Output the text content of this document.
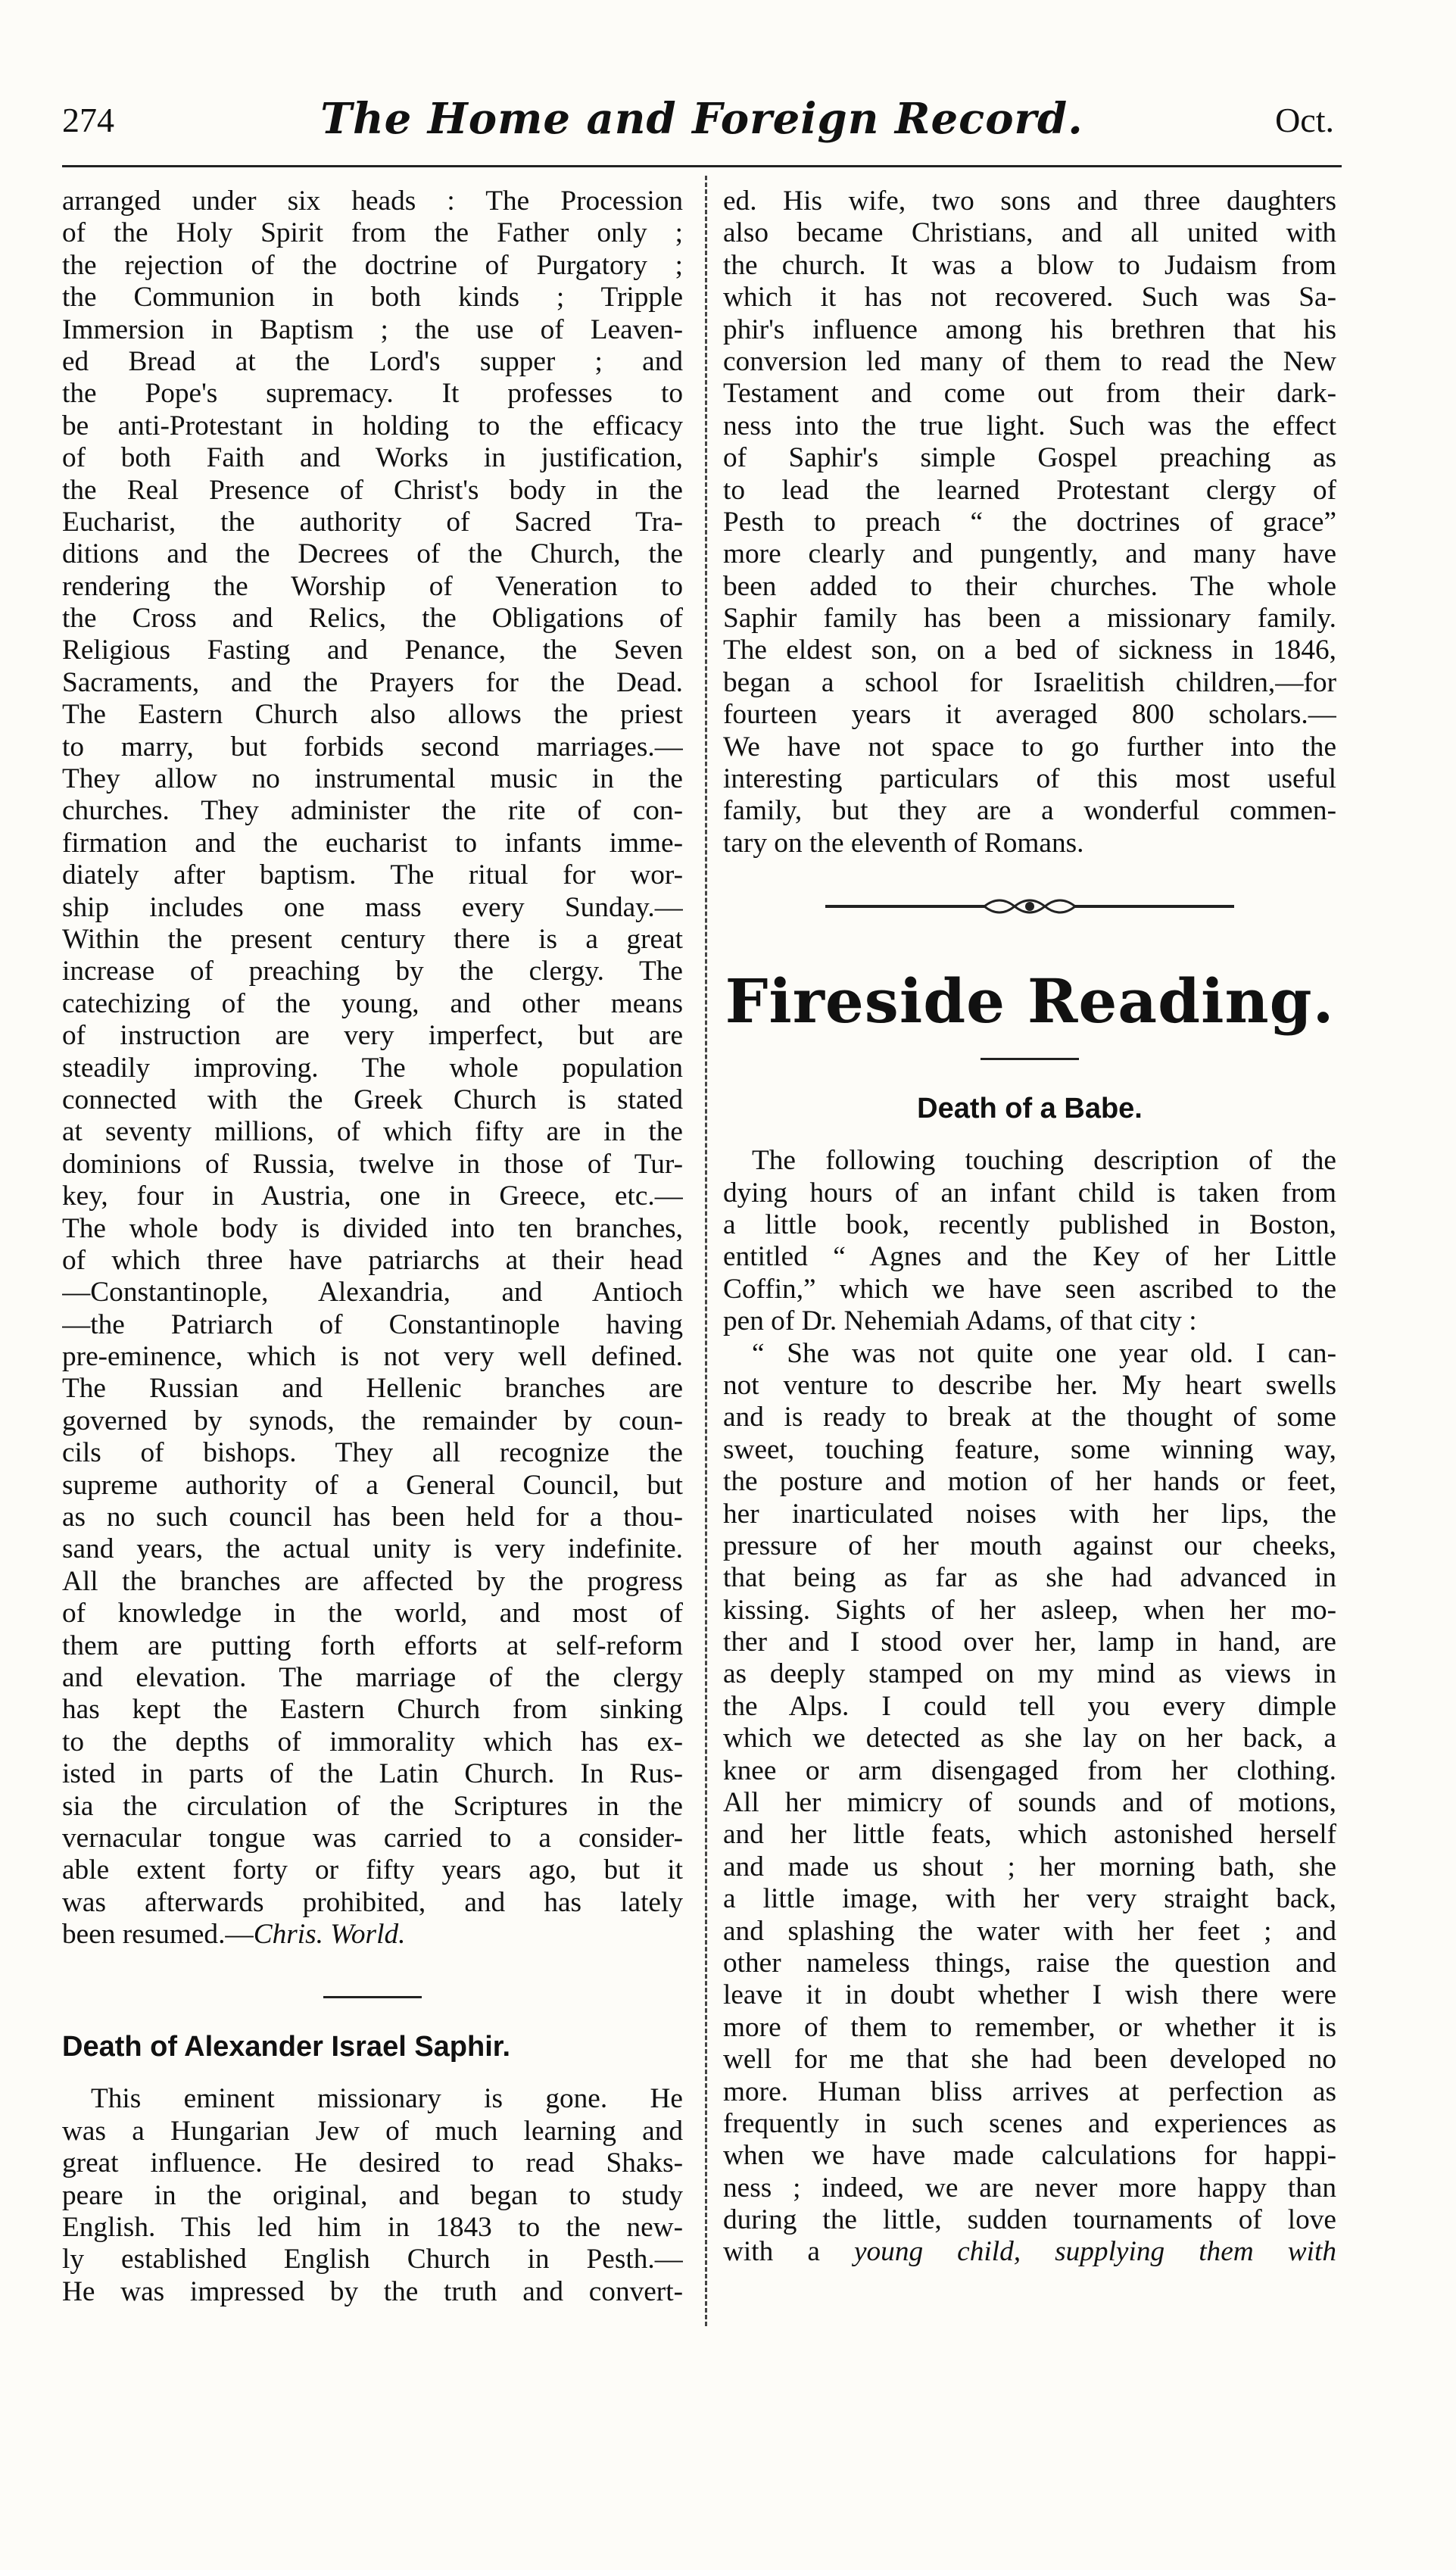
274	The Home and Foreign Record.	Oct.
arranged under six heads : The Procession
of the Holy Spirit from the Father only ;
the rejection of the doctrine of Purgatory ;
the Communion in both kinds ; Tripple
Immersion in Baptism ; the use of Leaven-
ed Bread at the Lord's supper ; and
the Pope's supremacy. It professes to
be anti-Protestant in holding to the efficacy
of both Faith and Works in justification,
the Real Presence of Christ's body in the
Eucharist, the authority of Sacred Tra-
ditions and the Decrees of the Church, the
rendering the Worship of Veneration to
the Cross and Relics, the Obligations of
Religious Fasting and Penance, the Seven
Sacraments, and the Prayers for the Dead.
The Eastern Church also allows the priest
to marry, but forbids second marriages.—
They allow no instrumental music in the
churches. They administer the rite of con-
firmation and the eucharist to infants imme-
diately after baptism. The ritual for wor-
ship includes one mass every Sunday.—
Within the present century there is a great
increase of preaching by the clergy. The
catechizing of the young, and other means
of instruction are very imperfect, but are
steadily improving. The whole population
connected with the Greek Church is stated
at seventy millions, of which fifty are in the
dominions of Russia, twelve in those of Tur-
key, four in Austria, one in Greece, etc.—
The whole body is divided into ten branches,
of which three have patriarchs at their head
—Constantinople, Alexandria, and Antioch
—the Patriarch of Constantinople having
pre-eminence, which is not very well defined.
The Russian and Hellenic branches are
governed by synods, the remainder by coun-
cils of bishops. They all recognize the
supreme authority of a General Council, but
as no such council has been held for a thou-
sand years, the actual unity is very indefinite.
All the branches are affected by the progress
of knowledge in the world, and most of
them are putting forth efforts at self-reform
and elevation. The marriage of the clergy
has kept the Eastern Church from sinking
to the depths of immorality which has ex-
isted in parts of the Latin Church. In Rus-
sia the circulation of the Scriptures in the
vernacular tongue was carried to a consider-
able extent forty or fifty years ago, but it
was afterwards prohibited, and has lately
been resumed.—Chris. World.
Death of Alexander Israel Saphir.
This eminent missionary is gone. He
was a Hungarian Jew of much learning and
great influence. He desired to read Shaks-
peare in the original, and began to study
English. This led him in 1843 to the new-
ly established English Church in Pesth.—
He was impressed by the truth and convert-
ed. His wife, two sons and three daughters
also became Christians, and all united with
the church. It was a blow to Judaism from
which it has not recovered. Such was Sa-
phir's influence among his brethren that his
conversion led many of them to read the New
Testament and come out from their dark-
ness into the true light. Such was the effect
of Saphir's simple Gospel preaching as
to lead the learned Protestant clergy of
Pesth to preach “ the doctrines of grace”
more clearly and pungently, and many have
been added to their churches. The whole
Saphir family has been a missionary family.
The eldest son, on a bed of sickness in 1846,
began a school for Israelitish children,—for
fourteen years it averaged 800 scholars.—
We have not space to go further into the
interesting particulars of this most useful
family, but they are a wonderful commen-
tary on the eleventh of Romans.
Fireside Reading.
Death of a Babe.
The following touching description of the
dying hours of an infant child is taken from
a little book, recently published in Boston,
entitled “ Agnes and the Key of her Little
Coffin,” which we have seen ascribed to the
pen of Dr. Nehemiah Adams, of that city :
“ She was not quite one year old. I can-
not venture to describe her. My heart swells
and is ready to break at the thought of some
sweet, touching feature, some winning way,
the posture and motion of her hands or feet,
her inarticulated noises with her lips, the
pressure of her mouth against our cheeks,
that being as far as she had advanced in
kissing. Sights of her asleep, when her mo-
ther and I stood over her, lamp in hand, are
as deeply stamped on my mind as views in
the Alps. I could tell you every dimple
which we detected as she lay on her back, a
knee or arm disengaged from her clothing.
All her mimicry of sounds and of motions,
and her little feats, which astonished herself
and made us shout ; her morning bath, she
a little image, with her very straight back,
and splashing the water with her feet ; and
other nameless things, raise the question and
leave it in doubt whether I wish there were
more of them to remember, or whether it is
well for me that she had been developed no
more. Human bliss arrives at perfection as
frequently in such scenes and experiences as
when we have made calculations for happi-
ness ; indeed, we are never more happy than
during the little, sudden tournaments of love
with a young child, supplying them with
